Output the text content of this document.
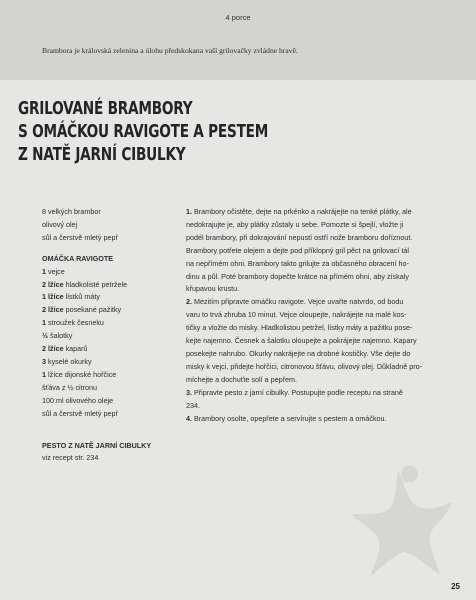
4 porce
Brambora je královská zelenina a úlohu předskokana vaší grilovačky zvládne hravě.
GRILOVANÉ BRAMBORY
S OMÁČKOU RAVIGOTE A PESTEM
Z NATĚ JARNÍ CIBULKY
8 velkých brambor
olivový olej
sůl a čerstvě mletý pepř
OMÁČKA RAVIGOTE
1 vejce
2 lžíce hladkolisté petržele
1 lžíce lístků máty
2 lžíce posekané pažitky
1 stroužek česneku
½ šalotky
2 lžíce kaparů
3 kyselé okurky
1 lžíce dijonské hořčice
šťáva z ½ citronu
100 ml olivového oleje
sůl a čerstvě mletý pepř
PESTO Z NATĚ JARNÍ CIBULKY
viz recept str. 234
1. Brambory očistěte, dejte na prkénko a nakrájejte na tenké plátky, ale
nedokrajujte je, aby plátky zůstaly u sebe. Pomozte si špejlí, vložte ji
podél brambory, při dokrajování nepustí ostří nože bramboru doříznout.
Brambory potřete olejem a dejte pod příklopný gril pěct na grilovací tál
na nepřímém ohni. Brambory takto grilujte za občasného obracení ho-
dinu a půl. Poté brambory dopečte krátce na přímém ohni, aby získaly
křupavou krustu.
2. Mezitím připravte omáčku ravigote. Vejce uvařte natvrdo, od bodu
varu to trvá zhruba 10 minut. Vejce oloupejte, nakrájejte na malé kos-
tičky a vložte do misky. Hladkolistou petržel, lístky máty a pažitku pose-
kejte najemno. Česnek a šalotku oloupejte a pokrájejte najemno. Kapary
posekejte nahrubo. Okurky nakrájejte na drobné kostičky. Vše dejte do
misky k vejci, přidejte hořčici, citronovou šťávu, olivový olej. Důkladně pro-
míchejte a dochuťte solí a pepřem.
3. Připravte pesto z jarní cibulky. Postupujte podle receptu na straně
234.
4. Brambory osolte, opepřete a servírujte s pestem a omáčkou.
25
